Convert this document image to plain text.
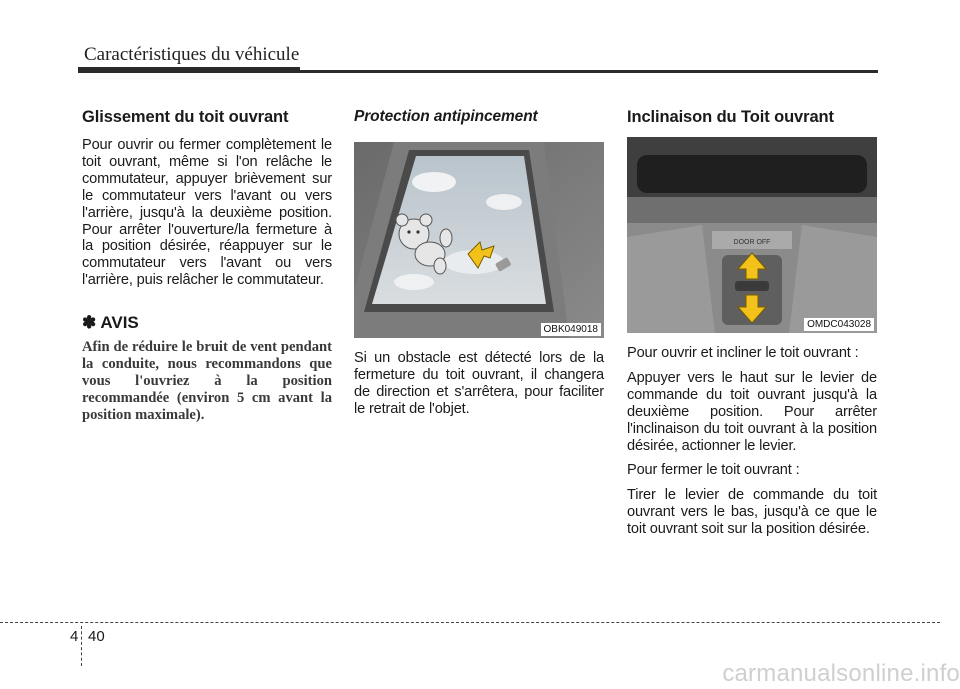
Caractéristiques du véhicule
Glissement du toit ouvrant

Pour ouvrir ou fermer complètement le toit ouvrant, même si l'on relâche le commutateur, appuyer brièvement sur le commutateur vers l'avant ou vers l'arrière, jusqu'à la deuxième position. Pour arrêter l'ouverture/la fermeture à la position désirée, réappuyer sur le commutateur vers l'avant ou vers l'arrière, puis relâcher le commutateur.

✽ AVIS

Afin de réduire le bruit de vent pendant la conduite, nous recommandons que vous l'ouvriez à la position recommandée (environ 5 cm avant la position maximale).

Protection antipincement
OBK049018

Si un obstacle est détecté lors de la fermeture du toit ouvrant, il changera de direction et s'arrêtera, pour faciliter le retrait de l'objet.

Inclinaison du Toit ouvrant
DOOR OFF
OMDC043028

Pour ouvrir et incliner le toit ouvrant :

Appuyer vers le haut sur le levier de commande du toit ouvrant jusqu'à la deuxième position. Pour arrêter l'inclinaison du toit ouvrant à la position désirée, actionner le levier.

Pour fermer le toit ouvrant :

Tirer le levier de commande du toit ouvrant vers le bas, jusqu'à ce que le toit ouvrant soit sur la position désirée.

4 40
carmanualsonline.info
